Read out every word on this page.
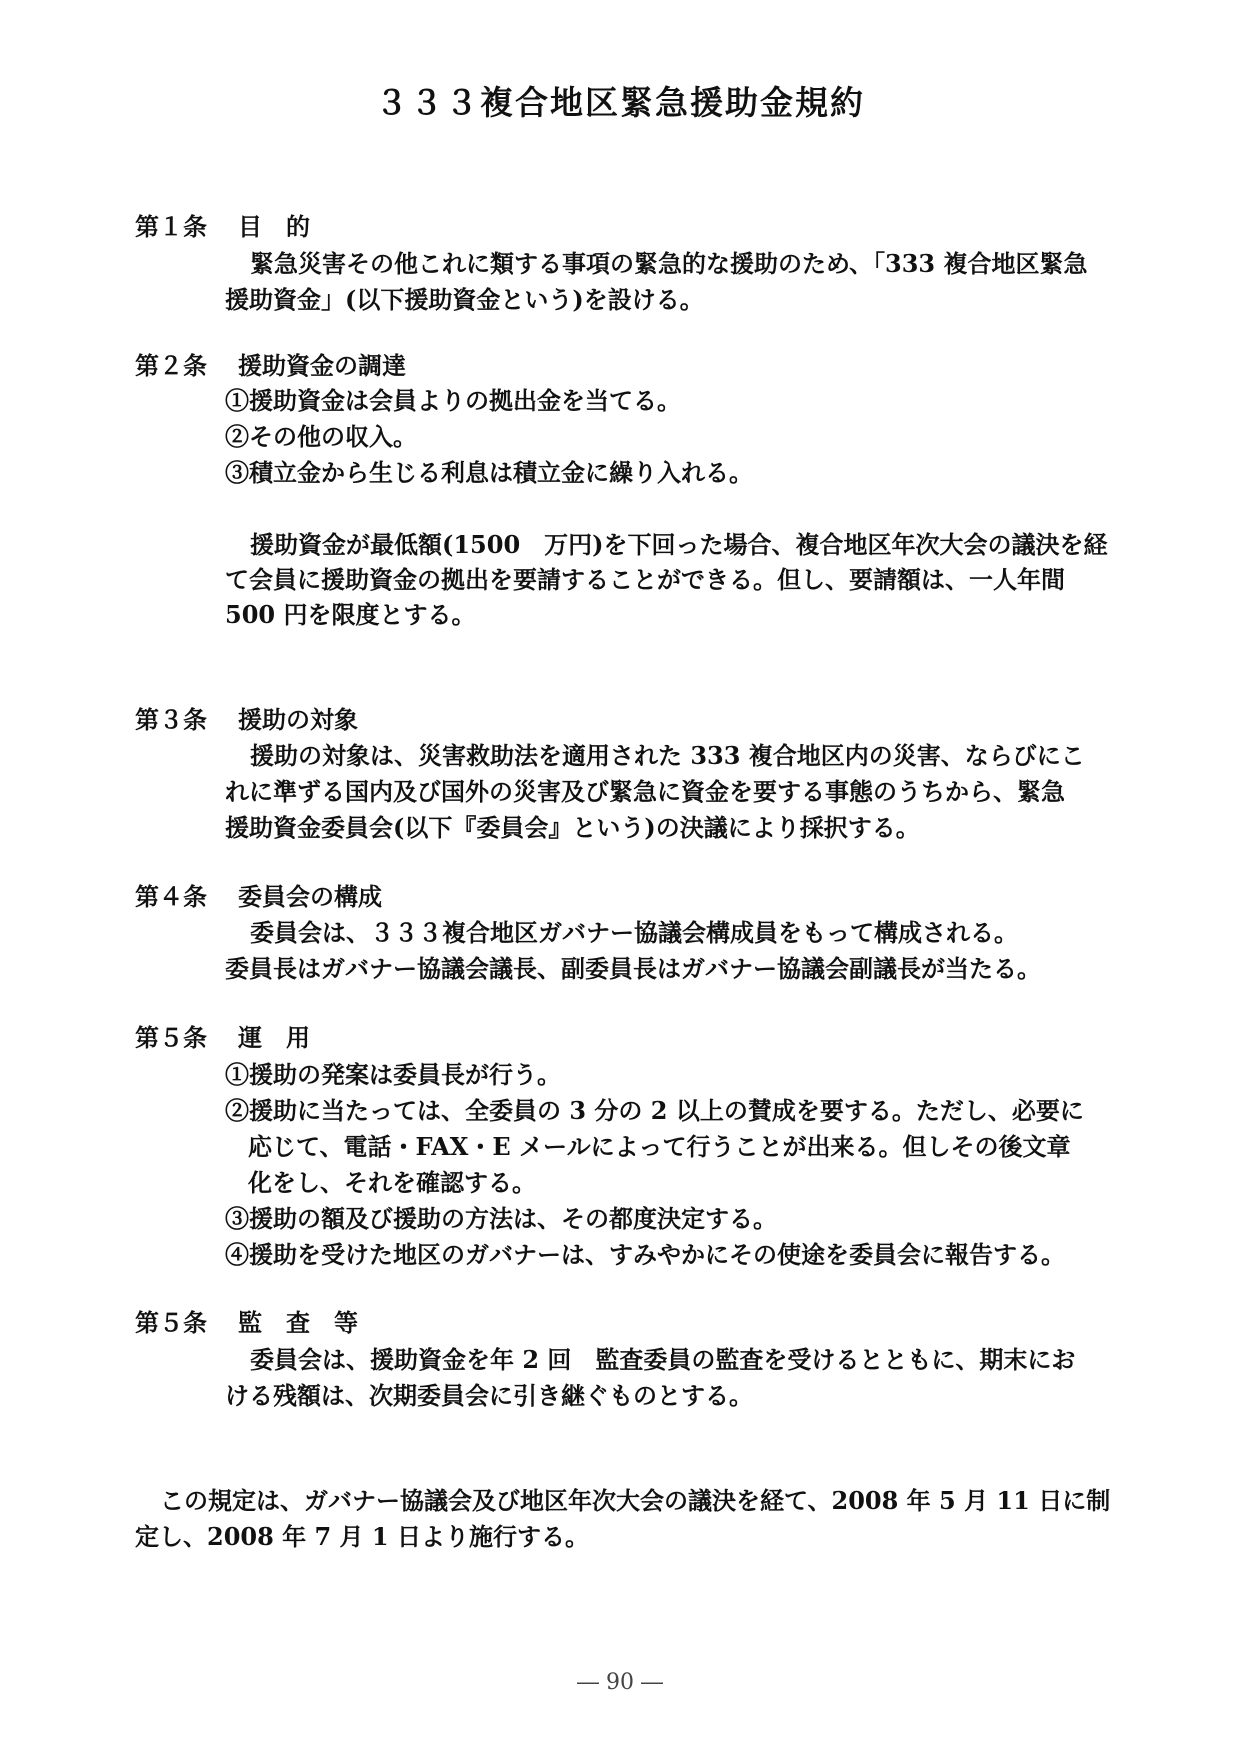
３３３複合地区緊急援助金規約
第１条 目　的
緊急災害その他これに類する事項の緊急的な援助のため、「333 複合地区緊急
援助資金」(以下援助資金という)を設ける。
第２条 援助資金の調達
①援助資金は会員よりの拠出金を当てる。
②その他の収入。
③積立金から生じる利息は積立金に繰り入れる。
援助資金が最低額(1500　万円)を下回った場合、複合地区年次大会の議決を経
て会員に援助資金の拠出を要請することができる。但し、要請額は、一人年間
500 円を限度とする。
第３条 援助の対象
援助の対象は、災害救助法を適用された 333 複合地区内の災害、ならびにこ
れに準ずる国内及び国外の災害及び緊急に資金を要する事態のうちから、緊急
援助資金委員会(以下『委員会』という)の決議により採択する。
第４条 委員会の構成
委員会は、３３３複合地区ガバナー協議会構成員をもって構成される。
委員長はガバナー協議会議長、副委員長はガバナー協議会副議長が当たる。
第５条 運　用
①援助の発案は委員長が行う。
②援助に当たっては、全委員の 3 分の 2 以上の賛成を要する。ただし、必要に
応じて、電話・FAX・E メールによって行うことが出来る。但しその後文章
化をし、それを確認する。
③援助の額及び援助の方法は、その都度決定する。
④援助を受けた地区のガバナーは、すみやかにその使途を委員会に報告する。
第５条 監　査　等
委員会は、援助資金を年 2 回　監査委員の監査を受けるとともに、期末にお
ける残額は、次期委員会に引き継ぐものとする。
この規定は、ガバナー協議会及び地区年次大会の議決を経て、2008 年 5 月 11 日に制
定し、2008 年 7 月 1 日より施行する。
― 90 ―
